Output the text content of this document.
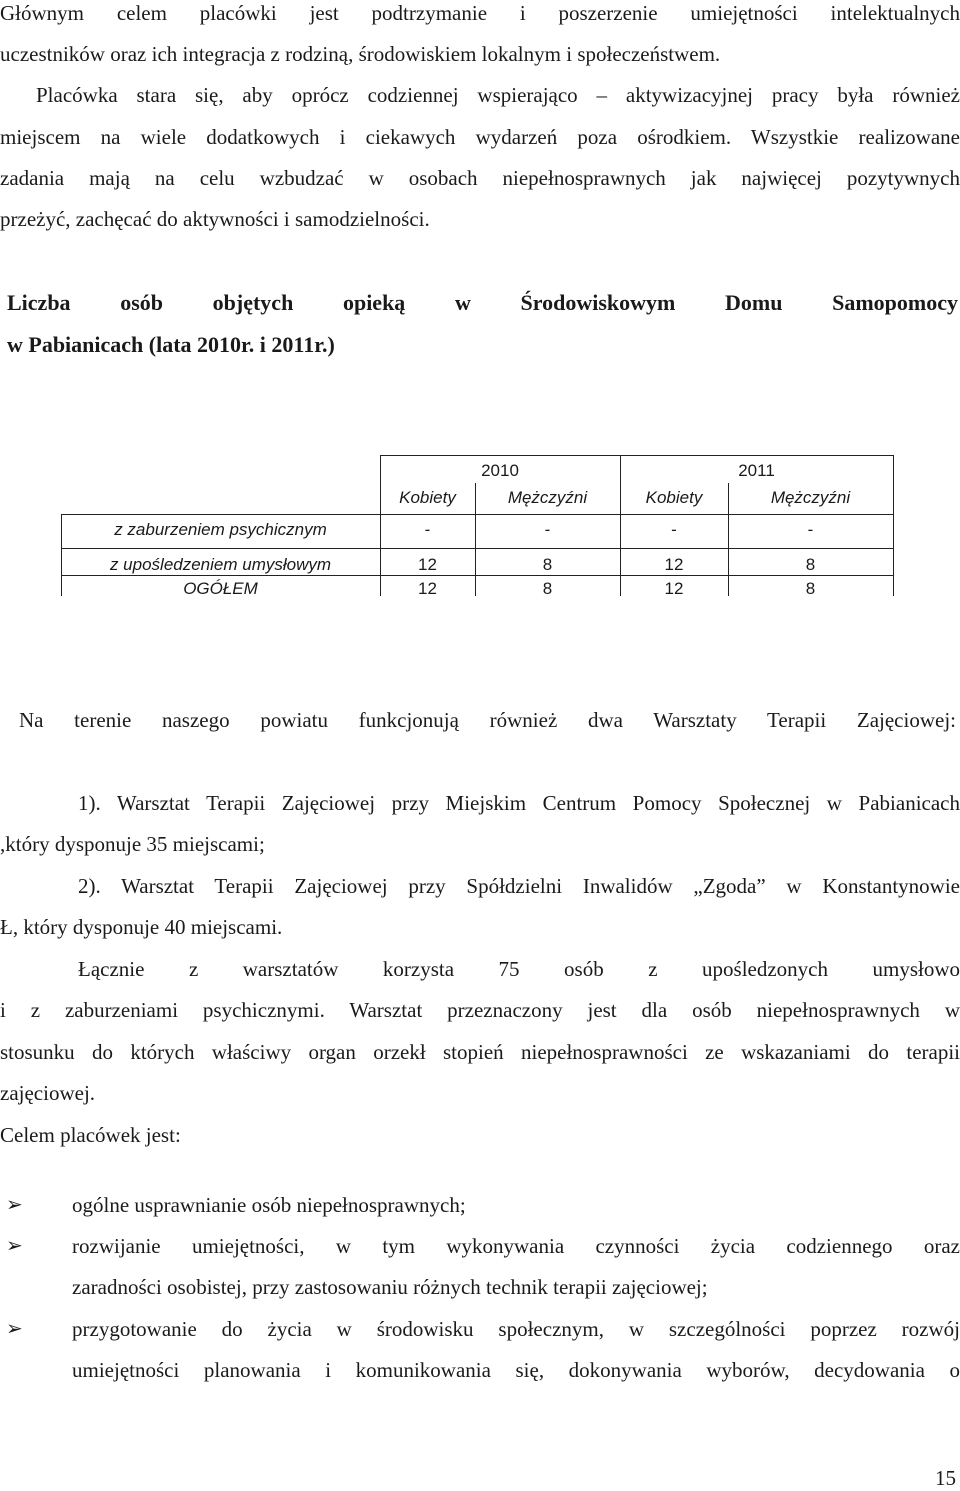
Głównym celem placówki jest podtrzymanie i poszerzenie umiejętności intelektualnych
uczestników oraz ich integracja z rodziną, środowiskiem lokalnym i społeczeństwem.
Placówka stara się, aby oprócz codziennej wspierająco – aktywizacyjnej pracy była również
miejscem na wiele dodatkowych i ciekawych wydarzeń poza ośrodkiem. Wszystkie realizowane
zadania mają na celu wzbudzać w osobach niepełnosprawnych jak najwięcej pozytywnych
przeżyć, zachęcać do aktywności i samodzielności.
Liczba osób objętych opieką w Środowiskowym Domu Samopomocy
w Pabianicach (lata 2010r. i 2011r.)
2010	2011
Kobiety	Mężczyźni	Kobiety	Mężczyźni
z zaburzeniem psychicznym	-	-	-	-
z upośledzeniem umysłowym	12	8	12	8
OGÓŁEM	12	8	12	8
Na terenie naszego powiatu funkcjonują również dwa Warsztaty Terapii Zajęciowej:
1). Warsztat Terapii Zajęciowej przy Miejskim Centrum Pomocy Społecznej w Pabianicach
,który dysponuje 35 miejscami;
2). Warsztat Terapii Zajęciowej przy Spółdzielni Inwalidów „Zgoda” w Konstantynowie
Ł, który dysponuje 40 miejscami.
Łącznie z warsztatów korzysta 75 osób z upośledzonych umysłowo
i z zaburzeniami psychicznymi. Warsztat przeznaczony jest dla osób niepełnosprawnych w
stosunku do których właściwy organ orzekł stopień niepełnosprawności ze wskazaniami do terapii
zajęciowej.
Celem placówek jest:
➢ ogólne usprawnianie osób niepełnosprawnych;
➢ rozwijanie umiejętności, w tym wykonywania czynności życia codziennego oraz
zaradności osobistej, przy zastosowaniu różnych technik terapii zajęciowej;
➢ przygotowanie do życia w środowisku społecznym, w szczególności poprzez rozwój
umiejętności planowania i komunikowania się, dokonywania wyborów, decydowania o
15
